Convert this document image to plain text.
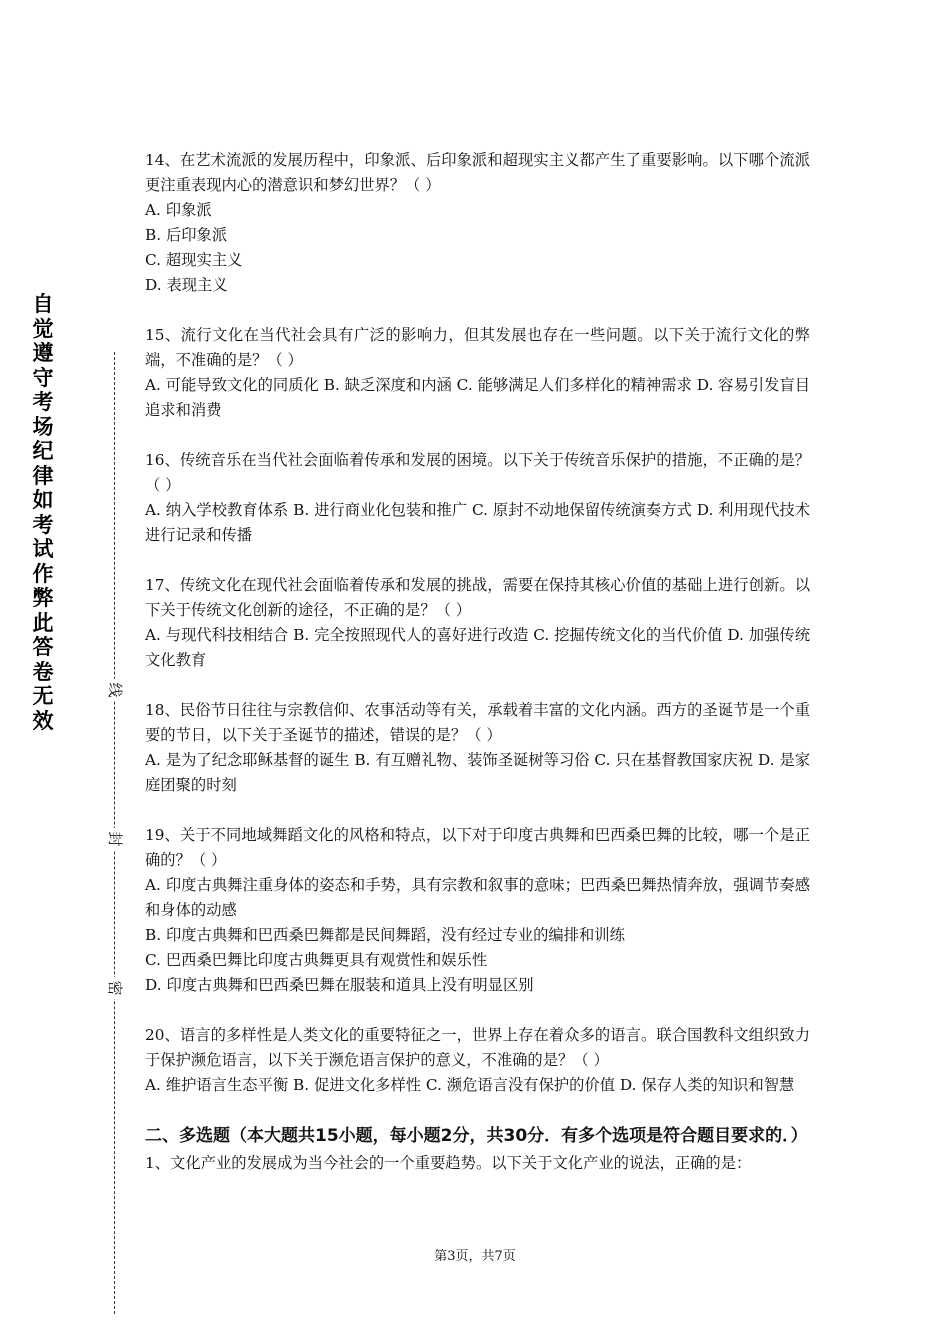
自
觉
遵
守
考
场
纪
律
如
考
试
作
弊
此
答
卷
无
效
线
封
密

14、在艺术流派的发展历程中，印象派、后印象派和超现实主义都产生了重要影响。以下哪个流派更注重表现内心的潜意识和梦幻世界？（ ）

A. 印象派

B. 后印象派

C. 超现实主义

D. 表现主义

15、流行文化在当代社会具有广泛的影响力，但其发展也存在一些问题。以下关于流行文化的弊端，不准确的是？（ ）

A. 可能导致文化的同质化 B. 缺乏深度和内涵 C. 能够满足人们多样化的精神需求 D. 容易引发盲目追求和消费

16、传统音乐在当代社会面临着传承和发展的困境。以下关于传统音乐保护的措施，不正确的是？（ ）

A. 纳入学校教育体系 B. 进行商业化包装和推广 C. 原封不动地保留传统演奏方式 D. 利用现代技术进行记录和传播

17、传统文化在现代社会面临着传承和发展的挑战，需要在保持其核心价值的基础上进行创新。以下关于传统文化创新的途径，不正确的是？（ ）

A. 与现代科技相结合 B. 完全按照现代人的喜好进行改造 C. 挖掘传统文化的当代价值 D. 加强传统文化教育

18、民俗节日往往与宗教信仰、农事活动等有关，承载着丰富的文化内涵。西方的圣诞节是一个重要的节日，以下关于圣诞节的描述，错误的是？（ ）

A. 是为了纪念耶稣基督的诞生 B. 有互赠礼物、装饰圣诞树等习俗 C. 只在基督教国家庆祝 D. 是家庭团聚的时刻

19、关于不同地域舞蹈文化的风格和特点，以下对于印度古典舞和巴西桑巴舞的比较，哪一个是正确的？（ ）

A. 印度古典舞注重身体的姿态和手势，具有宗教和叙事的意味；巴西桑巴舞热情奔放，强调节奏感和身体的动感

B. 印度古典舞和巴西桑巴舞都是民间舞蹈，没有经过专业的编排和训练

C. 巴西桑巴舞比印度古典舞更具有观赏性和娱乐性

D. 印度古典舞和巴西桑巴舞在服装和道具上没有明显区别

20、语言的多样性是人类文化的重要特征之一，世界上存在着众多的语言。联合国教科文组织致力于保护濒危语言，以下关于濒危语言保护的意义，不准确的是？（ ）

A. 维护语言生态平衡 B. 促进文化多样性 C. 濒危语言没有保护的价值 D. 保存人类的知识和智慧

二、多选题（本大题共15小题，每小题2分，共30分．有多个选项是符合题目要求的．）

1、文化产业的发展成为当今社会的一个重要趋势。以下关于文化产业的说法，正确的是：

第3页，共7页
